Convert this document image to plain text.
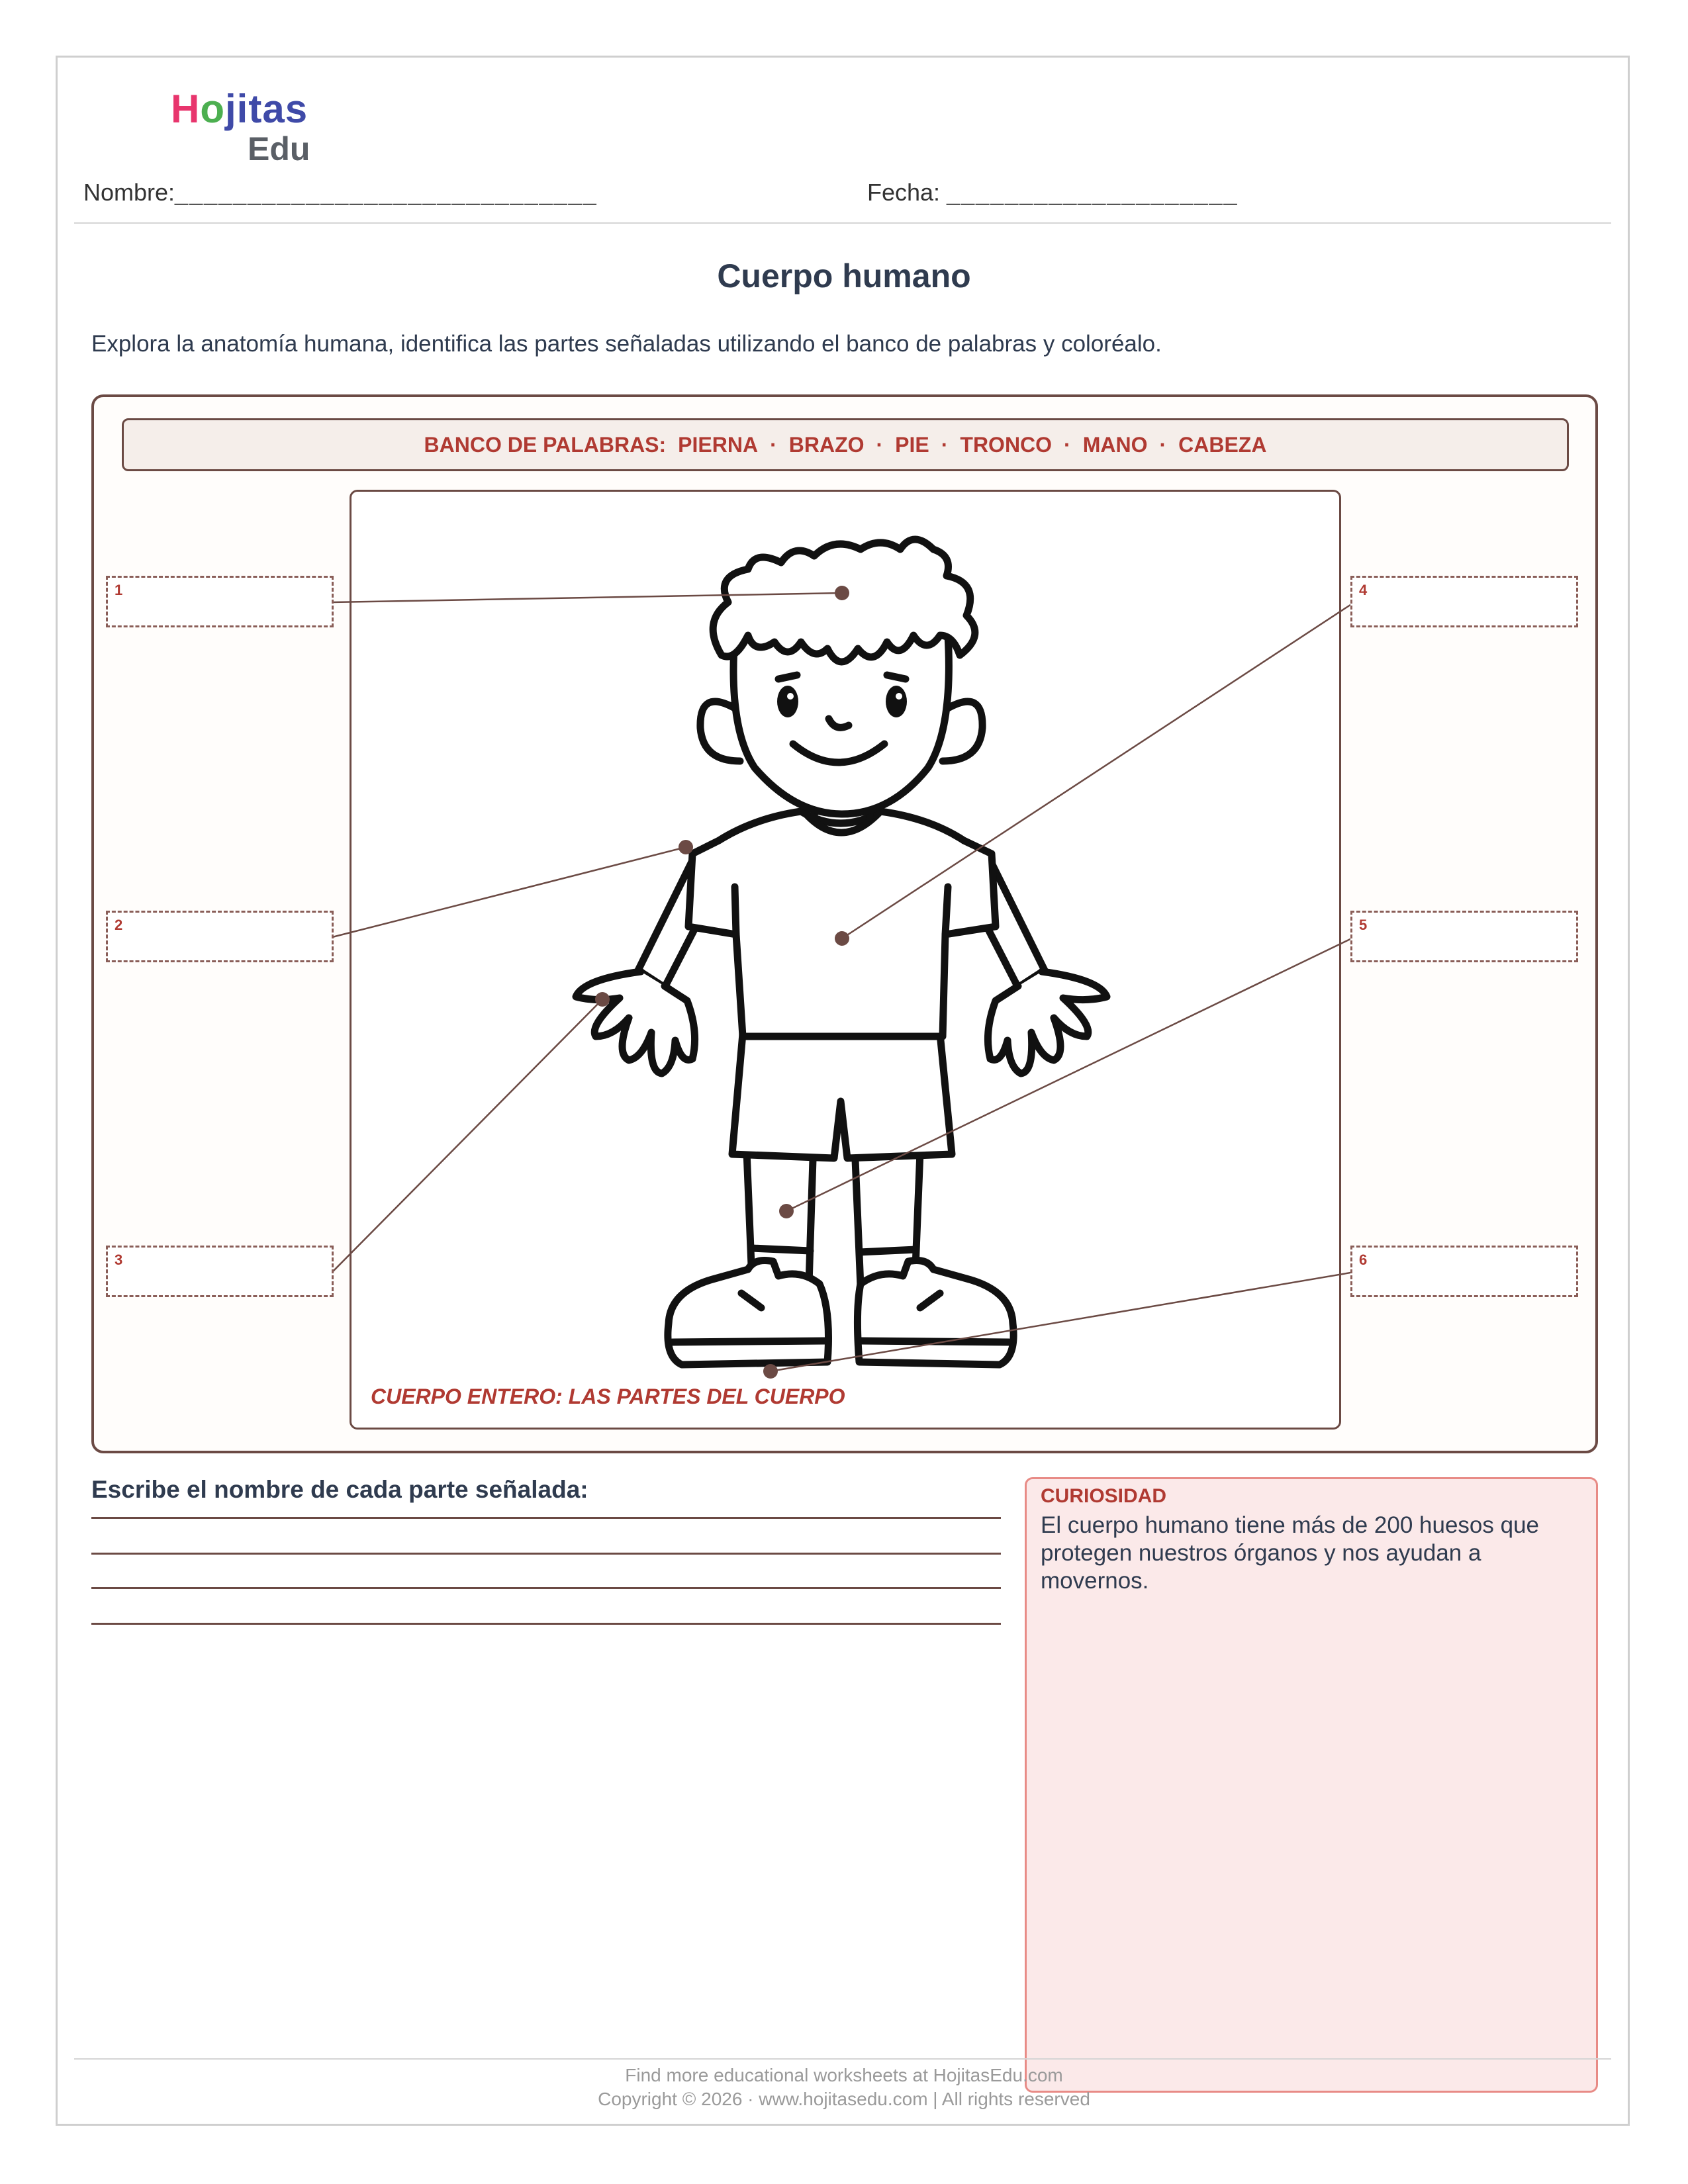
Hojitas
Edu
Nombre:_____________________________	Fecha: ____________________
Cuerpo humano
Explora la anatomía humana, identifica las partes señaladas utilizando el banco de palabras y coloréalo.
BANCO DE PALABRAS: PIERNA · BRAZO · PIE · TRONCO · MANO · CABEZA
CUERPO ENTERO: LAS PARTES DEL CUERPO
1
2
3
4
5
6
Escribe el nombre de cada parte señalada:	CURIOSIDAD
El cuerpo humano tiene más de 200 huesos que protegen nuestros órganos y nos ayudan a movernos.
Find more educational worksheets at HojitasEdu.com
Copyright © 2026 · www.hojitasedu.com | All rights reserved
